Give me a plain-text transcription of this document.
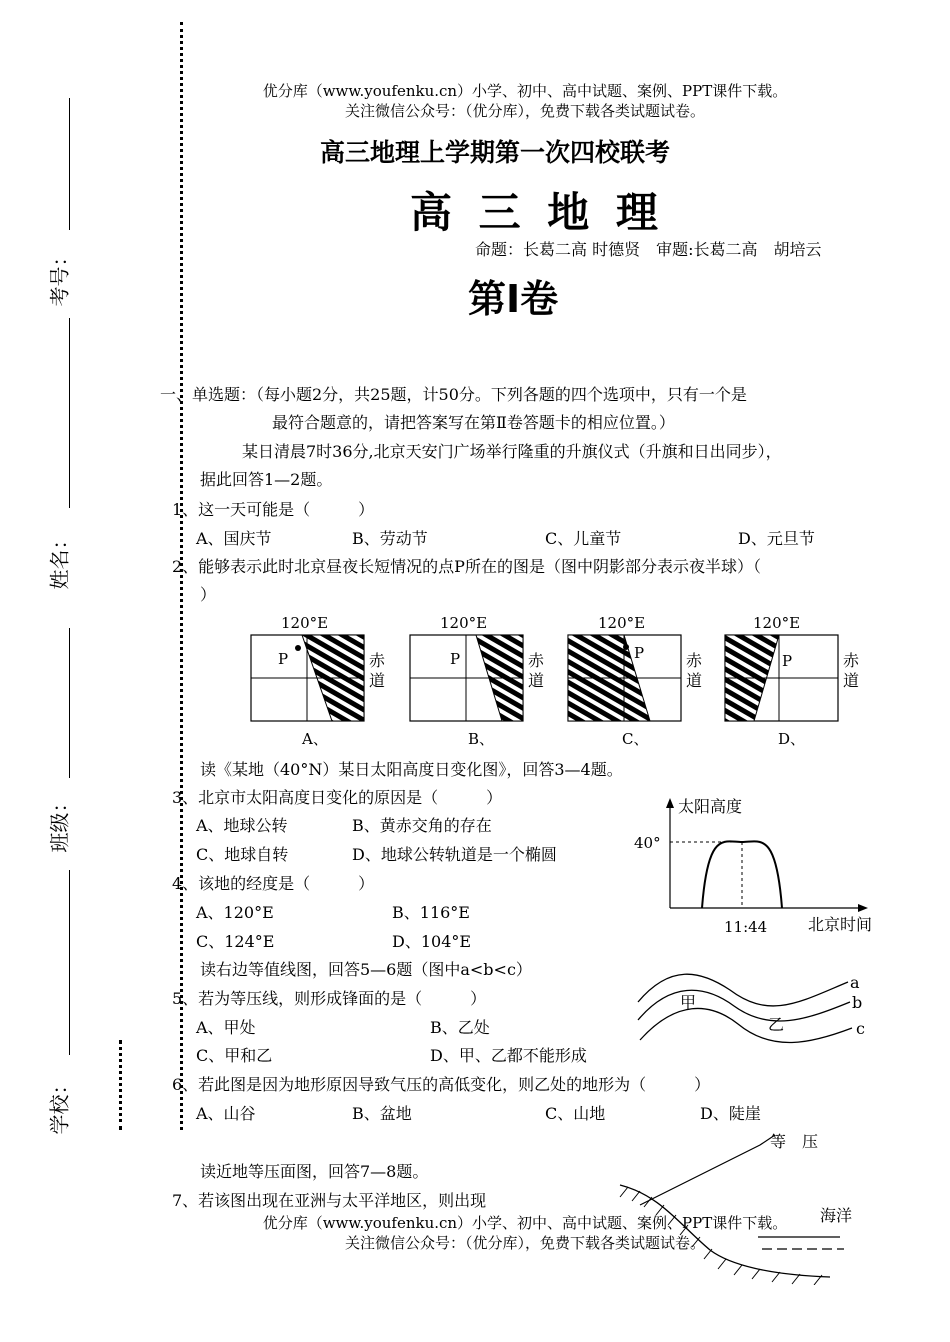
考号：
姓名：
班级：
学校：
优分库（www.youfenku.cn）小学、初中、高中试题、案例、PPT课件下载。
关注微信公众号：（优分库），免费下载各类试题试卷。
高三地理上学期第一次四校联考
高 三 地 理
命题：长葛二高 时德贤　审题:长葛二高　胡培云
第Ⅰ卷
一、单选题：（每小题2分，共25题，计50分。下列各题的四个选项中，只有一个是
最符合题意的，请把答案写在第Ⅱ卷答题卡的相应位置。）
某日清晨7时36分,北京天安门广场举行隆重的升旗仪式（升旗和日出同步），
据此回答1—2题。
1、这一天可能是（　　　）
A、国庆节	B、劳动节	C、儿童节	D、元旦节
2、能够表示此时北京昼夜长短情况的点P所在的图是（图中阴影部分表示夜半球）（
）
120°E
P	赤
道
A、
120°E
P	赤
道
B、
120°E
P	赤
道
C、
120°E
P	赤
道
D、
读《某地（40°N）某日太阳高度日变化图》，回答3—4题。
3、北京市太阳高度日变化的原因是（　　　）
A、地球公转	B、黄赤交角的存在
C、地球自转	D、地球公转轨道是一个椭圆
4、该地的经度是（　　　）
A、120°E	B、116°E
C、124°E	D、104°E
太阳高度
40°
11:44	北京时间
读右边等值线图，回答5—6题（图中a<b<c）
5、若为等压线，则形成锋面的是（　　　）
A、甲处	B、乙处
C、甲和乙	D、甲、乙都不能形成
甲
乙
a
b
c
6、若此图是因为地形原因导致气压的高低变化，则乙处的地形为（　　　）
A、山谷	B、盆地	C、山地	D、陡崖
读近地等压面图，回答7—8题。
7、若该图出现在亚洲与太平洋地区，则出现
等　压
海洋
优分库（www.youfenku.cn）小学、初中、高中试题、案例、PPT课件下载。
关注微信公众号：（优分库），免费下载各类试题试卷。
